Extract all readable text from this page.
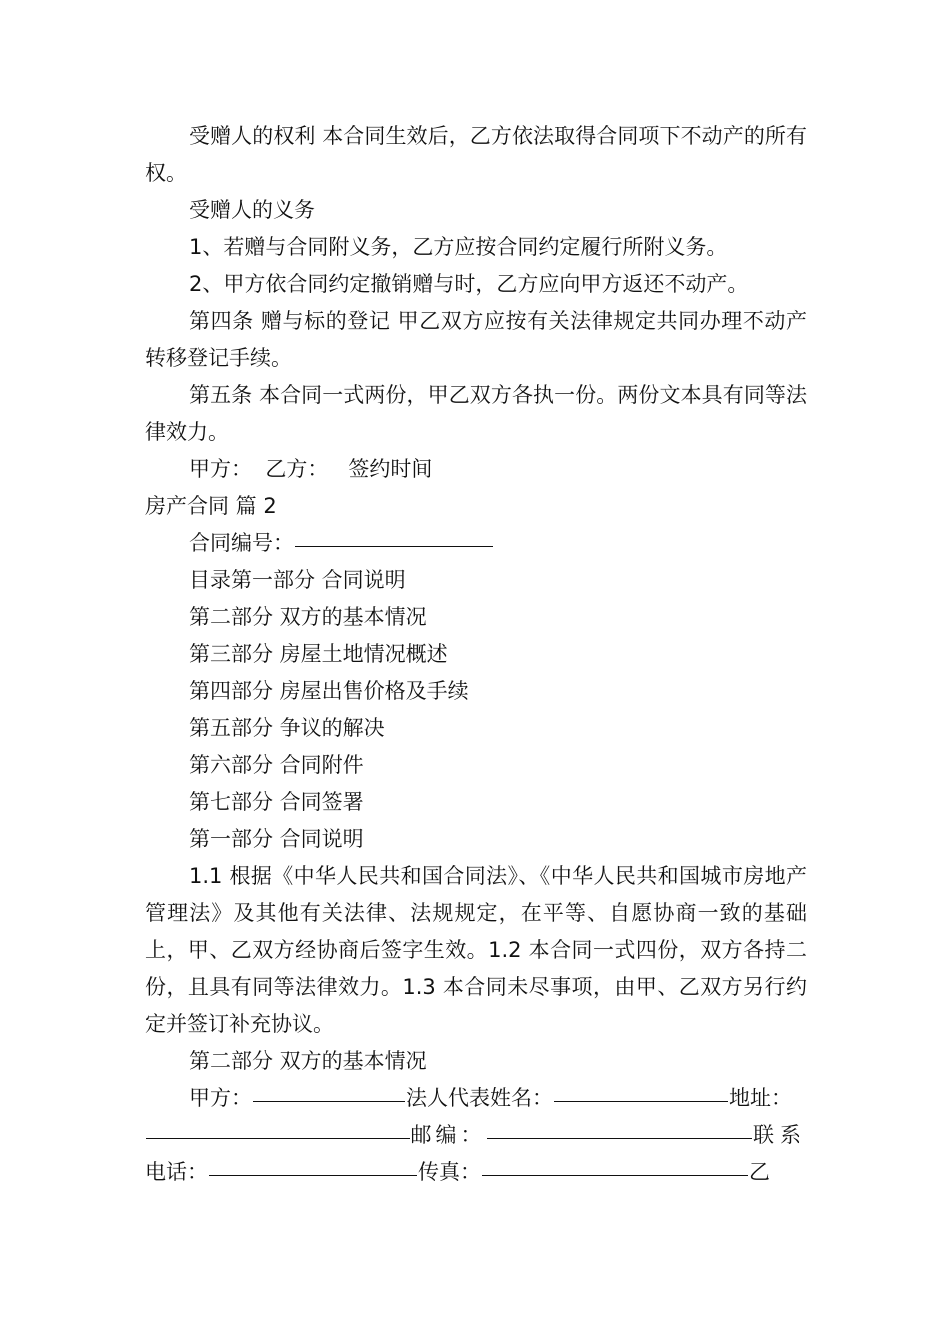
受赠人的权利 本合同生效后，乙方依法取得合同项下不动产的所有权。

受赠人的义务

1、若赠与合同附义务，乙方应按合同约定履行所附义务。

2、甲方依合同约定撤销赠与时，乙方应向甲方返还不动产。

第四条 赠与标的登记 甲乙双方应按有关法律规定共同办理不动产转移登记手续。

第五条 本合同一式两份，甲乙双方各执一份。两份文本具有同等法律效力。

甲方：  乙方：   签约时间

房产合同 篇 2

合同编号：

目录第一部分 合同说明

第二部分 双方的基本情况

第三部分 房屋土地情况概述

第四部分 房屋出售价格及手续

第五部分 争议的解决

第六部分 合同附件

第七部分 合同签署

第一部分 合同说明

1.1 根据《中华人民共和国合同法》、《中华人民共和国城市房地产管理法》及其他有关法律、法规规定，在平等、自愿协商一致的基础上，甲、乙双方经协商后签字生效。1.2 本合同一式四份，双方各持二份，且具有同等法律效力。1.3 本合同未尽事项，由甲、乙双方另行约定并签订补充协议。

第二部分 双方的基本情况

甲方：	法人代表姓名：	地址：
邮编：	联系
电话：	传真：	乙
